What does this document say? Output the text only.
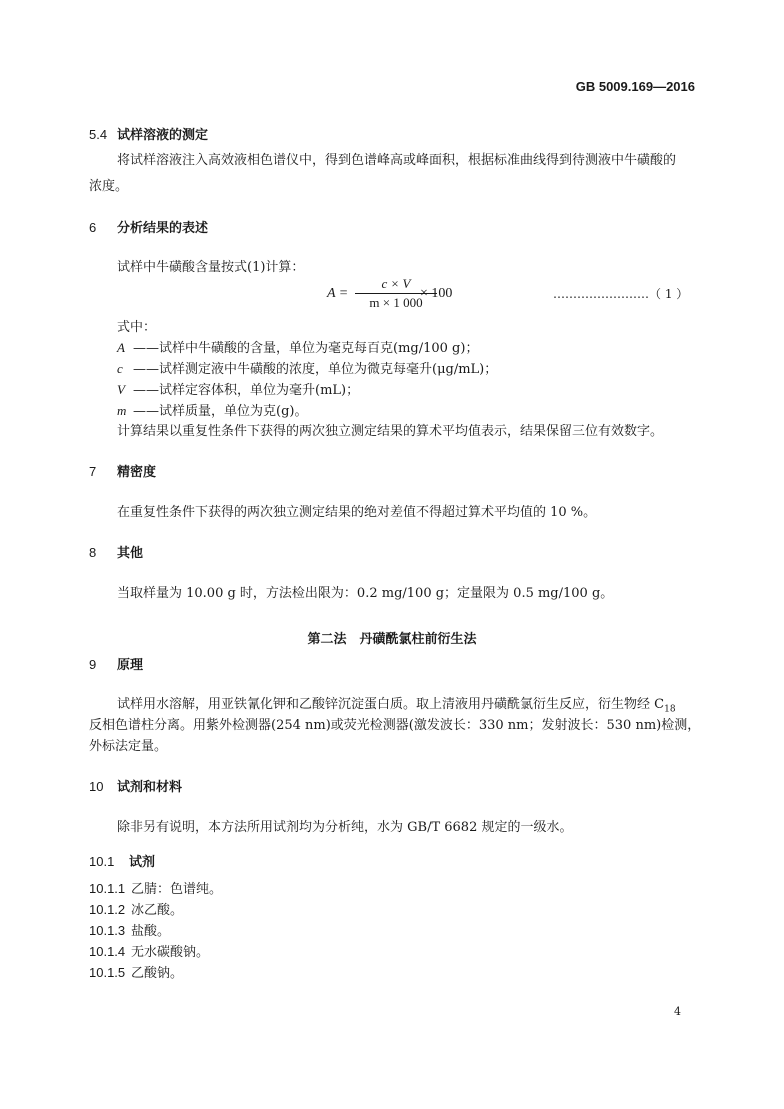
GB 5009.169—2016
5.4 试样溶液的测定
将试样溶液注入高效液相色谱仪中，得到色谱峰高或峰面积，根据标准曲线得到待测液中牛磺酸的
浓度。
6 分析结果的表述
试样中牛磺酸含量按式(1)计算：
A =
c × V
m × 1 000
× 100	……………………（ 1 ）
式中：
A ——试样中牛磺酸的含量，单位为毫克每百克(mg/100 g)；
c ——试样测定液中牛磺酸的浓度，单位为微克每毫升(μg/mL)；
V ——试样定容体积，单位为毫升(mL)；
m ——试样质量，单位为克(g)。
计算结果以重复性条件下获得的两次独立测定结果的算术平均值表示，结果保留三位有效数字。
7 精密度
在重复性条件下获得的两次独立测定结果的绝对差值不得超过算术平均值的 10 %。
8 其他
当取样量为 10.00 g 时，方法检出限为：0.2 mg/100 g；定量限为 0.5 mg/100 g。
第二法　丹磺酰氯柱前衍生法
9 原理
试样用水溶解，用亚铁氰化钾和乙酸锌沉淀蛋白质。取上清液用丹磺酰氯衍生反应，衍生物经 $C_{18}$
反相色谱柱分离。用紫外检测器(254 nm)或荧光检测器(激发波长：330 nm；发射波长：530 nm)检测，
外标法定量。
10 试剂和材料
除非另有说明，本方法所用试剂均为分析纯，水为 GB/T 6682 规定的一级水。
10.1 试剂
10.1.1 乙腈：色谱纯。
10.1.2 冰乙酸。
10.1.3 盐酸。
10.1.4 无水碳酸钠。
10.1.5 乙酸钠。
4
